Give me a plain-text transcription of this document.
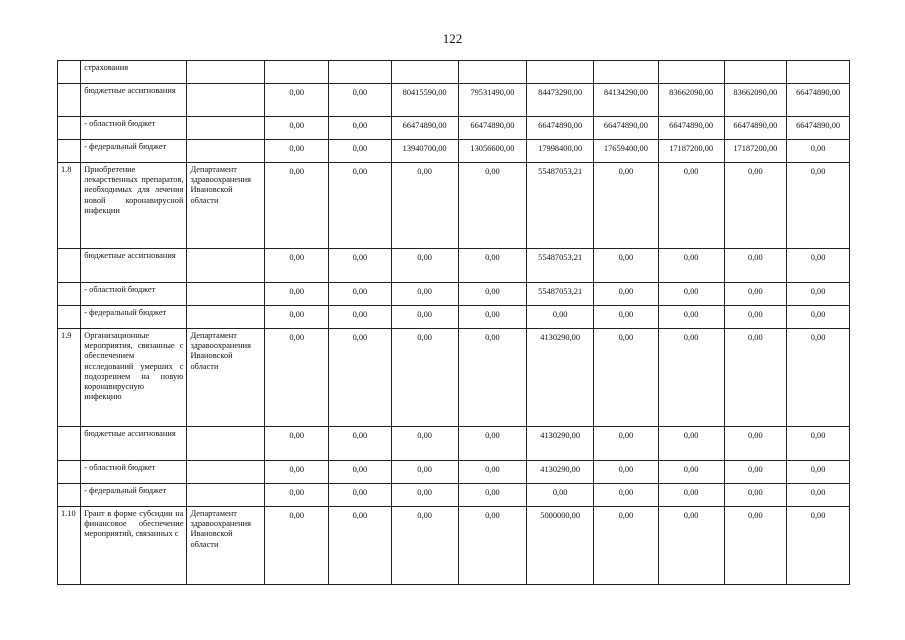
122
	страхования										
	бюджетные ассигнования		0,00	0,00	80415590,00	79531490,00	84473290,00	84134290,00	83662090,00	83662090,00	66474890,00
	- областной бюджет		0,00	0,00	66474890,00	66474890,00	66474890,00	66474890,00	66474890,00	66474890,00	66474890,00
	- федеральный бюджет		0,00	0,00	13940700,00	13056600,00	17998400,00	17659400,00	17187200,00	17187200,00	0,00
1.8	Приобретение лекарственных препаратов, необходимых для лечения новой коронавирусной инфекции	Департамент здравоохранения Ивановской области	0,00	0,00	0,00	0,00	55487053,21	0,00	0,00	0,00	0,00
	бюджетные ассигнования		0,00	0,00	0,00	0,00	55487053,21	0,00	0,00	0,00	0,00
	- областной бюджет		0,00	0,00	0,00	0,00	55487053,21	0,00	0,00	0,00	0,00
	- федеральный бюджет		0,00	0,00	0,00	0,00	0,00	0,00	0,00	0,00	0,00
1.9	Организационные мероприятия, связанные с обеспечением исследований умерших с подозрением на новую коронавирусную инфекцию	Департамент здравоохранения Ивановской области	0,00	0,00	0,00	0,00	4130290,00	0,00	0,00	0,00	0,00
	бюджетные ассигнования		0,00	0,00	0,00	0,00	4130290,00	0,00	0,00	0,00	0,00
	- областной бюджет		0,00	0,00	0,00	0,00	4130290,00	0,00	0,00	0,00	0,00
	- федеральный бюджет		0,00	0,00	0,00	0,00	0,00	0,00	0,00	0,00	0,00
1.10	Грант в форме субсидии на финансовое обеспечение мероприятий, связанных с	Департамент здравоохранения Ивановской области	0,00	0,00	0,00	0,00	5000000,00	0,00	0,00	0,00	0,00
